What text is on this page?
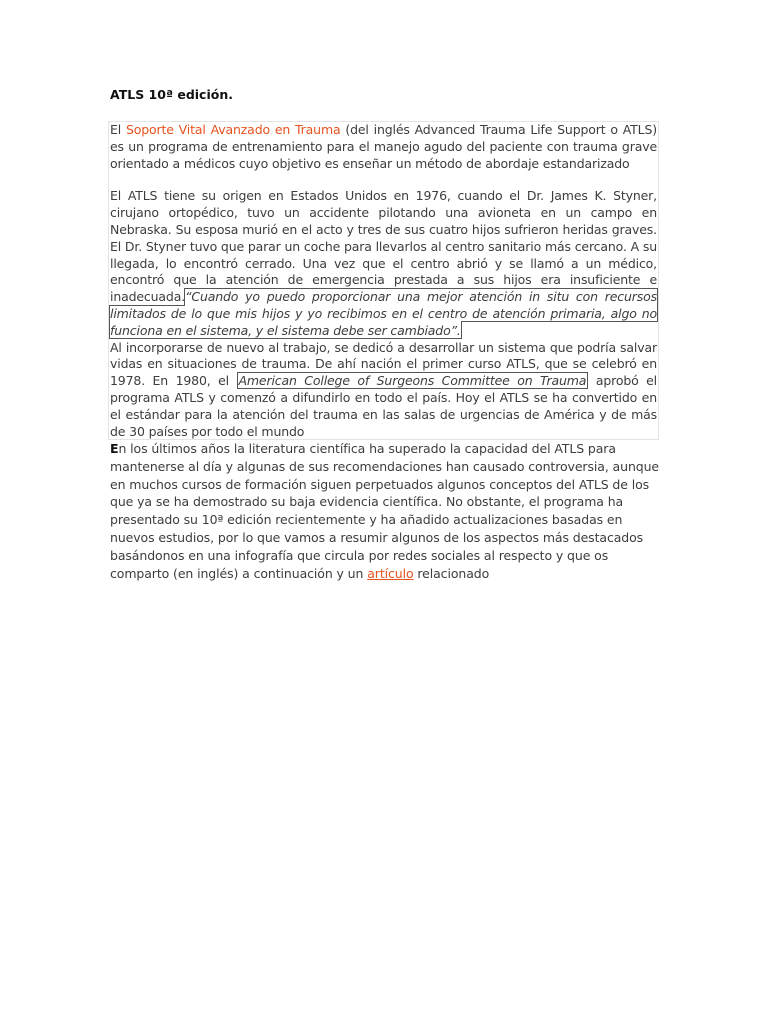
ATLS 10ª edición.

El Soporte Vital Avanzado en Trauma (del inglés Advanced Trauma Life Support o ATLS) es un programa de entrenamiento para el manejo agudo del paciente con trauma grave orientado a médicos cuyo objetivo es enseñar un método de abordaje estandarizado

El ATLS tiene su origen en Estados Unidos en 1976, cuando el Dr. James K. Styner, cirujano ortopédico, tuvo un accidente pilotando una avioneta en un campo en Nebraska. Su esposa murió en el acto y tres de sus cuatro hijos sufrieron heridas graves. El Dr. Styner tuvo que parar un coche para llevarlos al centro sanitario más cercano. A su llegada, lo encontró cerrado. Una vez que el centro abrió y se llamó a un médico, encontró que la atención de emergencia prestada a sus hijos era insuficiente e inadecuada.“Cuando yo puedo proporcionar una mejor atención in situ con recursos limitados de lo que mis hijos y yo recibimos en el centro de atención primaria, algo no funciona en el sistema, y el sistema debe ser cambiado”.

Al incorporarse de nuevo al trabajo, se dedicó a desarrollar un sistema que podría salvar vidas en situaciones de trauma. De ahí nación el primer curso ATLS, que se celebró en 1978. En 1980, el American College of Surgeons Committee on Trauma aprobó el programa ATLS y comenzó a difundirlo en todo el país. Hoy el ATLS se ha convertido en el estándar para la atención del trauma en las salas de urgencias de América y de más de 30 países por todo el mundo

En los últimos años la literatura científica ha superado la capacidad del ATLS para mantenerse al día y algunas de sus recomendaciones han causado controversia, aunque en muchos cursos de formación siguen perpetuados algunos conceptos del ATLS de los que ya se ha demostrado su baja evidencia científica. No obstante, el programa ha presentado su 10ª edición recientemente y ha añadido actualizaciones basadas en nuevos estudios, por lo que vamos a resumir algunos de los aspectos más destacados basándonos en una infografía que circula por redes sociales al respecto y que os comparto (en inglés) a continuación y un artículo relacionado
